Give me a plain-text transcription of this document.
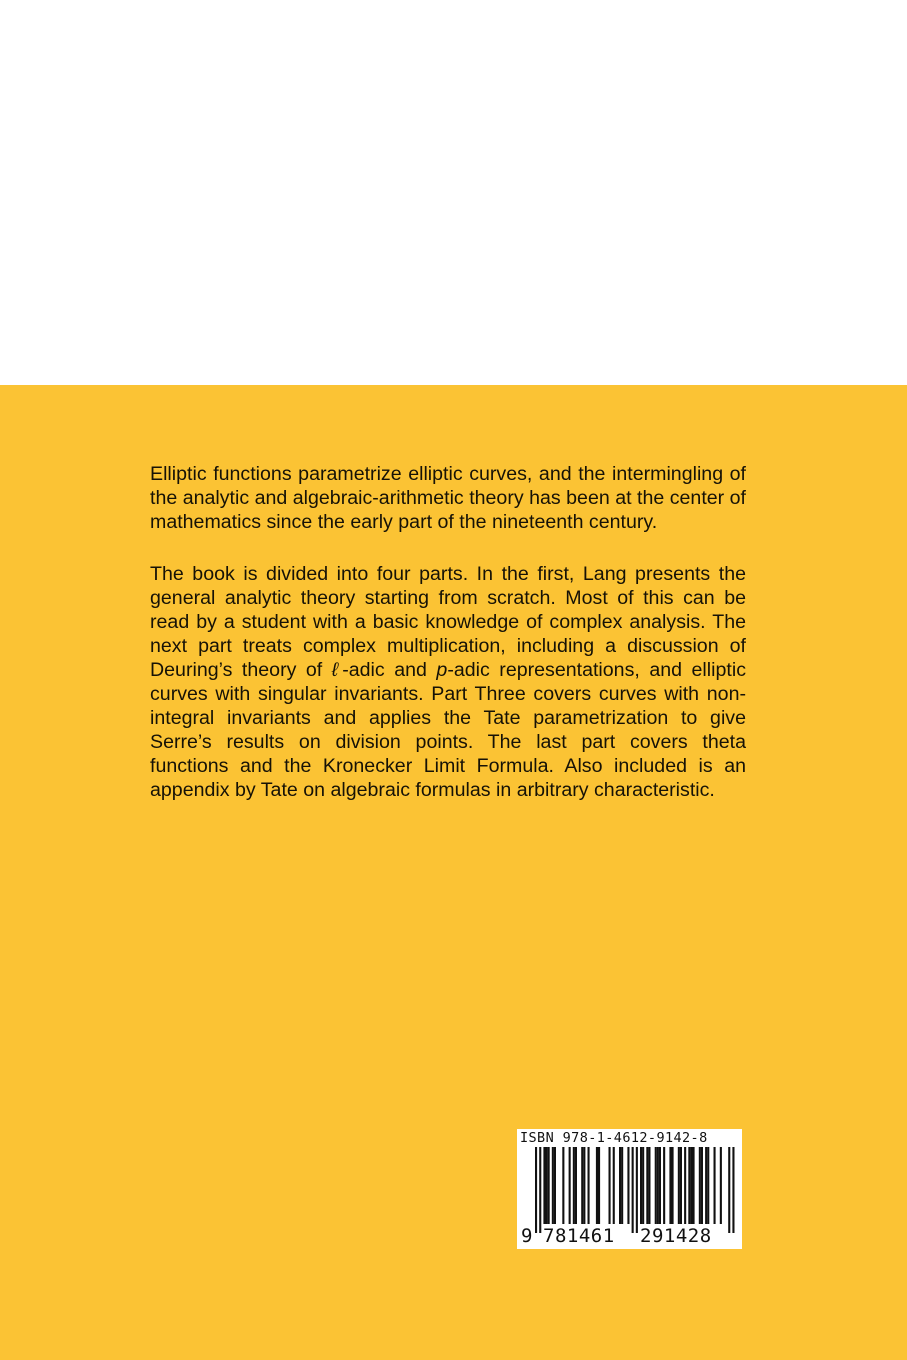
Elliptic functions parametrize elliptic curves, and the intermingling of the analytic and algebraic-arithmetic theory has been at the center of mathematics since the early part of the nineteenth century.

The book is divided into four parts. In the first, Lang presents the general analytic theory starting from scratch. Most of this can be read by a student with a basic knowledge of complex analysis. The next part treats complex multiplication, including a discussion of Deuring’s theory of ℓ-adic and p-adic representations, and elliptic curves with singular invariants. Part Three covers curves with non-integral invariants and applies the Tate parametrization to give Serre’s results on division points. The last part covers theta functions and the Kronecker Limit Formula. Also included is an appendix by Tate on algebraic formulas in arbitrary characteristic.

ISBN 978-1-4612-9142-8
9 781461 291428
